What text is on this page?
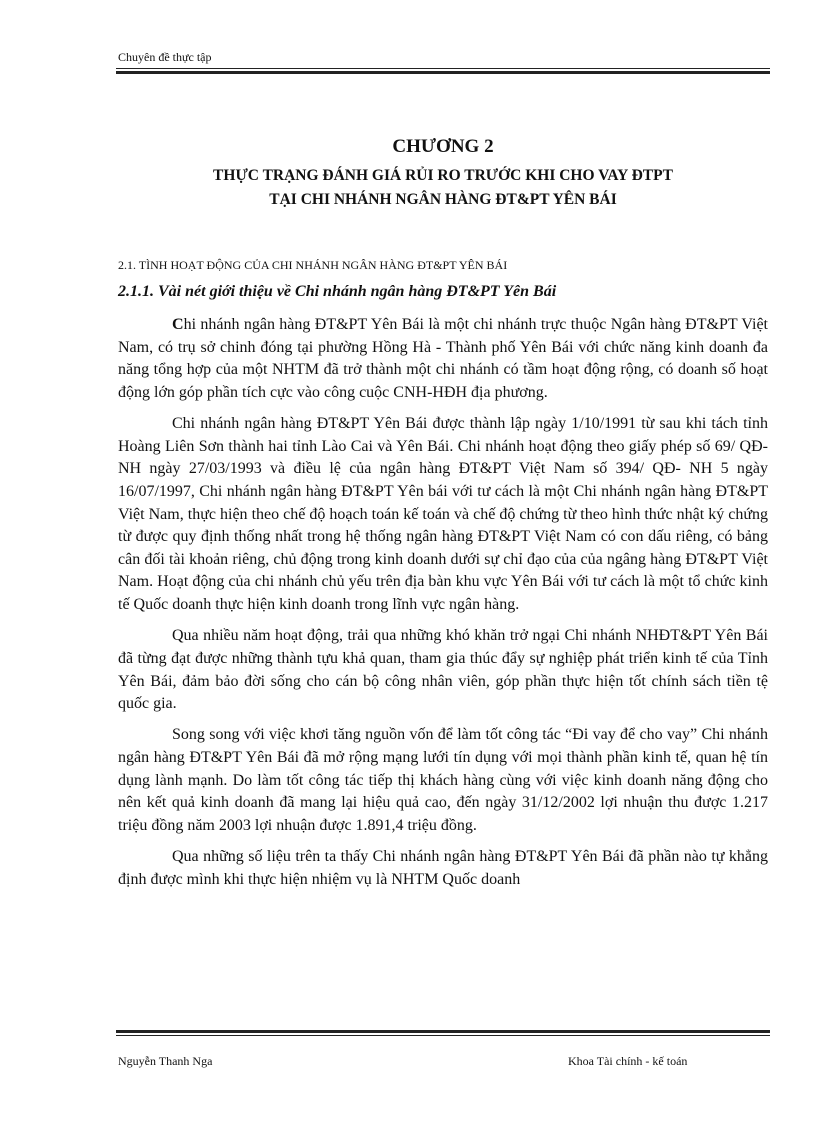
Chuyên đề thực tập
CHƯƠNG 2
THỰC TRẠNG ĐÁNH GIÁ RỦI RO TRƯỚC KHI CHO VAY ĐTPT
TẠI CHI NHÁNH NGÂN HÀNG ĐT&PT YÊN BÁI
2.1. TÌNH HOẠT ĐỘNG CỦA CHI NHÁNH NGÂN HÀNG ĐT&PT YÊN BÁI
2.1.1. Vài nét giới thiệu về Chi nhánh ngân hàng ĐT&PT Yên Bái

Chi nhánh ngân hàng ĐT&PT Yên Bái là một chi nhánh trực thuộc Ngân hàng ĐT&PT Việt Nam, có trụ sở chinh đóng tại phường Hồng Hà - Thành phố Yên Bái với chức năng kinh doanh đa năng tổng hợp của một NHTM đã trở thành một chi nhánh có tầm hoạt động rộng, có doanh số hoạt động lớn góp phần tích cực vào công cuộc CNH-HĐH địa phương.

Chi nhánh ngân hàng ĐT&PT Yên Bái được thành lập ngày 1/10/1991 từ sau khi tách tỉnh Hoàng Liên Sơn thành hai tỉnh Lào Cai và Yên Bái. Chi nhánh hoạt động theo giấy phép số 69/ QĐ- NH ngày 27/03/1993 và điều lệ của ngân hàng ĐT&PT Việt Nam số 394/ QĐ- NH 5 ngày 16/07/1997, Chi nhánh ngân hàng ĐT&PT Yên bái với tư cách là một Chi nhánh ngân hàng ĐT&PT Việt Nam, thực hiện theo chế độ hoạch toán kế toán và chế độ chứng từ theo hình thức nhật ký chứng từ được quy định thống nhất trong hệ thống ngân hàng ĐT&PT Việt Nam có con dấu riêng, có bảng cân đối tài khoản riêng, chủ động trong kinh doanh dưới sự chỉ đạo của của ngâng hàng ĐT&PT Việt Nam. Hoạt động của chi nhánh chủ yếu trên địa bàn khu vực Yên Bái với tư cách là một tổ chức kinh tế Quốc doanh thực hiện kinh doanh trong lĩnh vực ngân hàng.

Qua nhiều năm hoạt động, trải qua những khó khăn trở ngại Chi nhánh NHĐT&PT Yên Bái đã từng đạt được những thành tựu khả quan, tham gia thúc đẩy sự nghiệp phát triển kinh tế của Tỉnh Yên Bái, đảm bảo đời sống cho cán bộ công nhân viên, góp phần thực hiện tốt chính sách tiền tệ quốc gia.

Song song với việc khơi tăng nguồn vốn để làm tốt công tác “Đi vay để cho vay” Chi nhánh ngân hàng ĐT&PT Yên Bái đã mở rộng mạng lưới tín dụng với mọi thành phần kinh tế, quan hệ tín dụng lành mạnh. Do làm tốt công tác tiếp thị khách hàng cùng với việc kinh doanh năng động cho nên kết quả kinh doanh đã mang lại hiệu quả cao, đến ngày 31/12/2002 lợi nhuận thu được 1.217 triệu đồng năm 2003 lợi nhuận được 1.891,4 triệu đồng.

Qua những số liệu trên ta thấy Chi nhánh ngân hàng ĐT&PT Yên Bái đã phần nào tự khẳng định được mình khi thực hiện nhiệm vụ là NHTM Quốc doanh

Nguyễn Thanh Nga	Khoa Tài chính - kế toán
